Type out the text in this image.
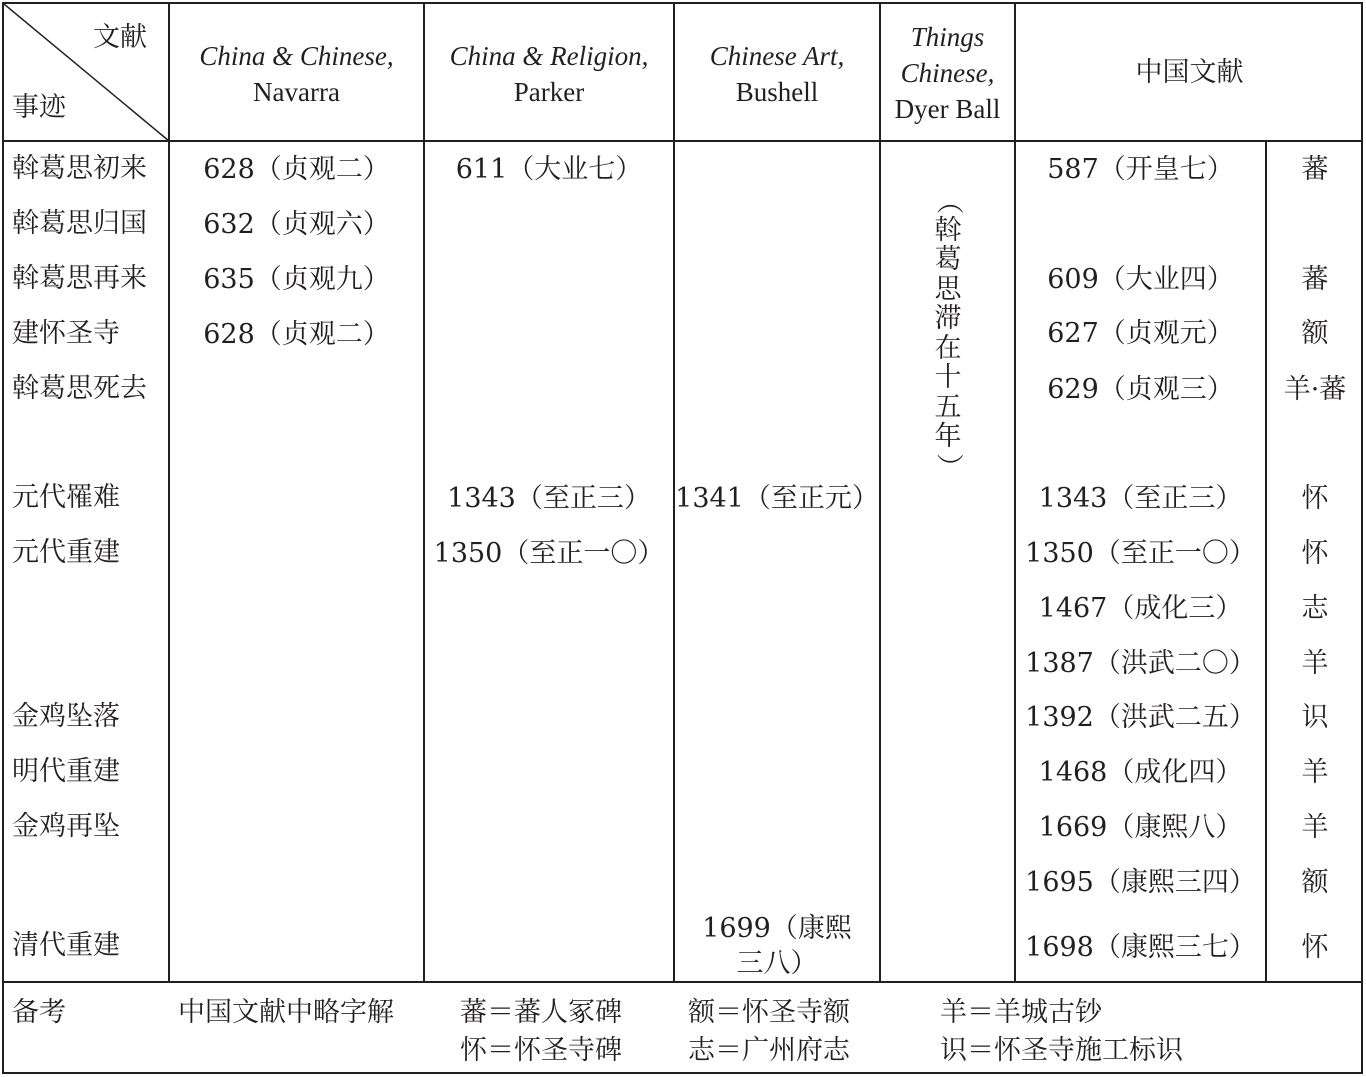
文献
事迹
China & Chinese,
Navarra
China & Religion,
Parker
Chinese Art,
Bushell
Things
Chinese,
Dyer Ball
中国文献
斡葛思初来
斡葛思归国
斡葛思再来
建怀圣寺
斡葛思死去
元代罹难
元代重建
金鸡坠落
明代重建
金鸡再坠
清代重建
628（贞观二）
632（贞观六）
635（贞观九）
628（贞观二）
611（大业七）
1343（至正三）
1350（至正一〇）
1341（至正元）
1699（康熙
三八）
（
斡
葛
思
滞
在
十
五
年
）
587（开皇七）
609（大业四）
627（贞观元）
629（贞观三）
1343（至正三）
1350（至正一〇）
1467（成化三）
1387（洪武二〇）
1392（洪武二五）
1468（成化四）
1669（康熙八）
1695（康熙三四）
1698（康熙三七）
蕃
蕃
额
羊·蕃
怀
怀
志
羊
识
羊
羊
额
怀
备考	中国文献中略字解 蕃＝蕃人冢碑
怀＝怀圣寺碑
额＝怀圣寺额
志＝广州府志
羊＝羊城古钞
识＝怀圣寺施工标识
